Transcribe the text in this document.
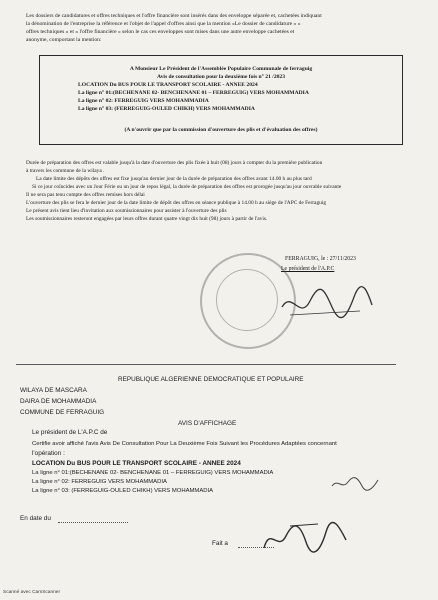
Les dossiers de candidatures et offres techniques et l'offre financière sont insérés dans des enveloppe séparée et, cachetées indiquant
la dénomination de l'entreprise la référence et l'objet de l'appel d'offres ainsi que la mention «Le dossier de candidature » «
offres techniques » et « l'offre financière » selon le cas ces enveloppes sont mises dans une autre enveloppe cachetées et
anonyme, comportant la mention:
A Monsieur Le Président de l'Assemblée Populaire Communale de ferraguig
Avis de consultation pour la deuxième fois n° 21 /2023
LOCATION Du BUS POUR LE TRANSPORT SCOLAIRE - ANNEE 2024
La ligne n° 01:(BECHENANE 02- BENCHENANE 01 – FERREGUIG) VERS MOHAMMADIA
La ligne n° 02: FERREGUIG VERS MOHAMMADIA
La ligne n° 03: (FERREGUIG-OULED CHIKH) VERS MOHAMMADIA
(A n'ouvrir que par la commission d'ouverture des plis et d'évaluation des offres)
Durée de préparation des offres est valable jusqu'à la date d'ouverture des plis fixée à huit (08) jours à compter du la première publication
à travers les commune de la wilaya .
La date limite des dépôts des offres est fixe jusqu'au dernier jour de la durée de préparation des offres avant 14.00 h au plus tard
Si ce jour coïncides avec un Jour Férie ou un jour de repos légal, la durée de préparation des offres est prorogée jusqu'au jour ouvrable suivante
Il ne sera pas tenu compte des offres remises hors délai
L'ouverture des plis se fera le dernier jour de la date limite de dépôt des offres en séance publique à 14.00 h au siège de l'APC de Ferraguig
Le présent avis tient lieu d'invitation aux soumissionnaires pour assister à l'ouverture des plis
Les soumissionnaires resteront engagées par leurs offres durant quatre vingt dix huit (98) jours à partir de l'avis.
FERRAGUIG, le : 27/11/2023
Le président de l'A.P.C
REPUBLIQUE ALGERIENNE DEMOCRATIQUE ET POPULAIRE
WILAYA DE MASCARA
DAIRA DE MOHAMMADIA
COMMUNE DE FERRAGUIG
AVIS D'AFFICHAGE
Le président de L'A.P.C de
Certifie avoir affiché l'avis Avis De Consultation Pour La Deuxième Fois Suivant les Procédures Adaptées concernant
l'opération :
LOCATION Du BUS POUR LE TRANSPORT SCOLAIRE - ANNEE 2024
La ligne n° 01:(BECHENANE 02- BENCHENANE 01 – FERREGUIG) VERS MOHAMMADIA
La ligne n° 02: FERREGUIG VERS MOHAMMADIA
La ligne n° 03: (FERREGUIG-OULED CHIKH) VERS MOHAMMADIA
En date du
Fait a
Scanné avec CamScanner
